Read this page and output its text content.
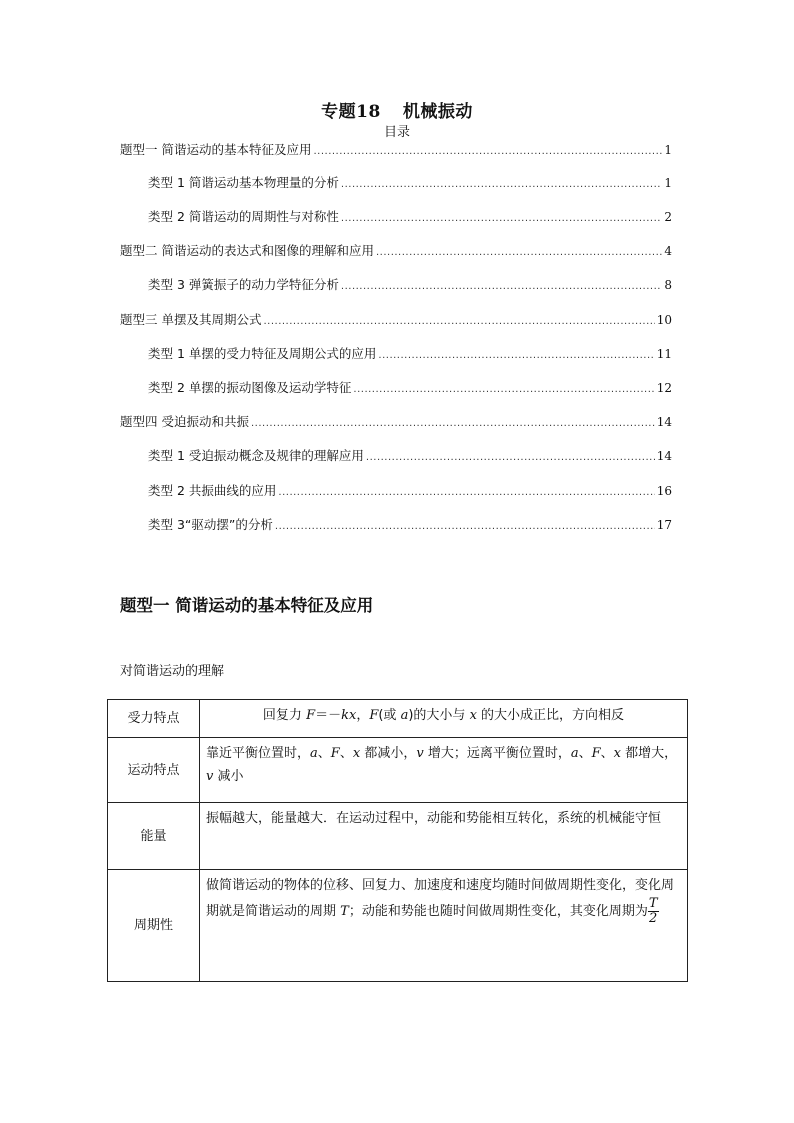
专题18 机械振动
目录
题型一 简谐运动的基本特征及应用 .....	1
类型 1 简谐运动基本物理量的分析 .....	1
类型 2 简谐运动的周期性与对称性 .....	2
题型二 简谐运动的表达式和图像的理解和应用 .....	4
类型 3 弹簧振子的动力学特征分析 .....	8
题型三 单摆及其周期公式 .....	10
类型 1 单摆的受力特征及周期公式的应用 .....	11
类型 2 单摆的振动图像及运动学特征 .....	12
题型四 受迫振动和共振 .....	14
类型 1 受迫振动概念及规律的理解应用 .....	14
类型 2 共振曲线的应用 .....	16
类型 3“驱动摆”的分析 .....	17
题型一 简谐运动的基本特征及应用
对简谐运动的理解
受力特点	回复力 F＝－kx，F(或 a)的大小与 x 的大小成正比，方向相反
运动特点	靠近平衡位置时，a、F、x 都减小，v 增大；远离平衡位置时，a、F、x 都增大，v 减小
能量	振幅越大，能量越大．在运动过程中，动能和势能相互转化，系统的机械能守恒
周期性	做简谐运动的物体的位移、回复力、加速度和速度均随时间做周期性变化，变化周期就是简谐运动的周期 T；动能和势能也随时间做周期性变化，其变化周期为 $\frac{T}{2}$
